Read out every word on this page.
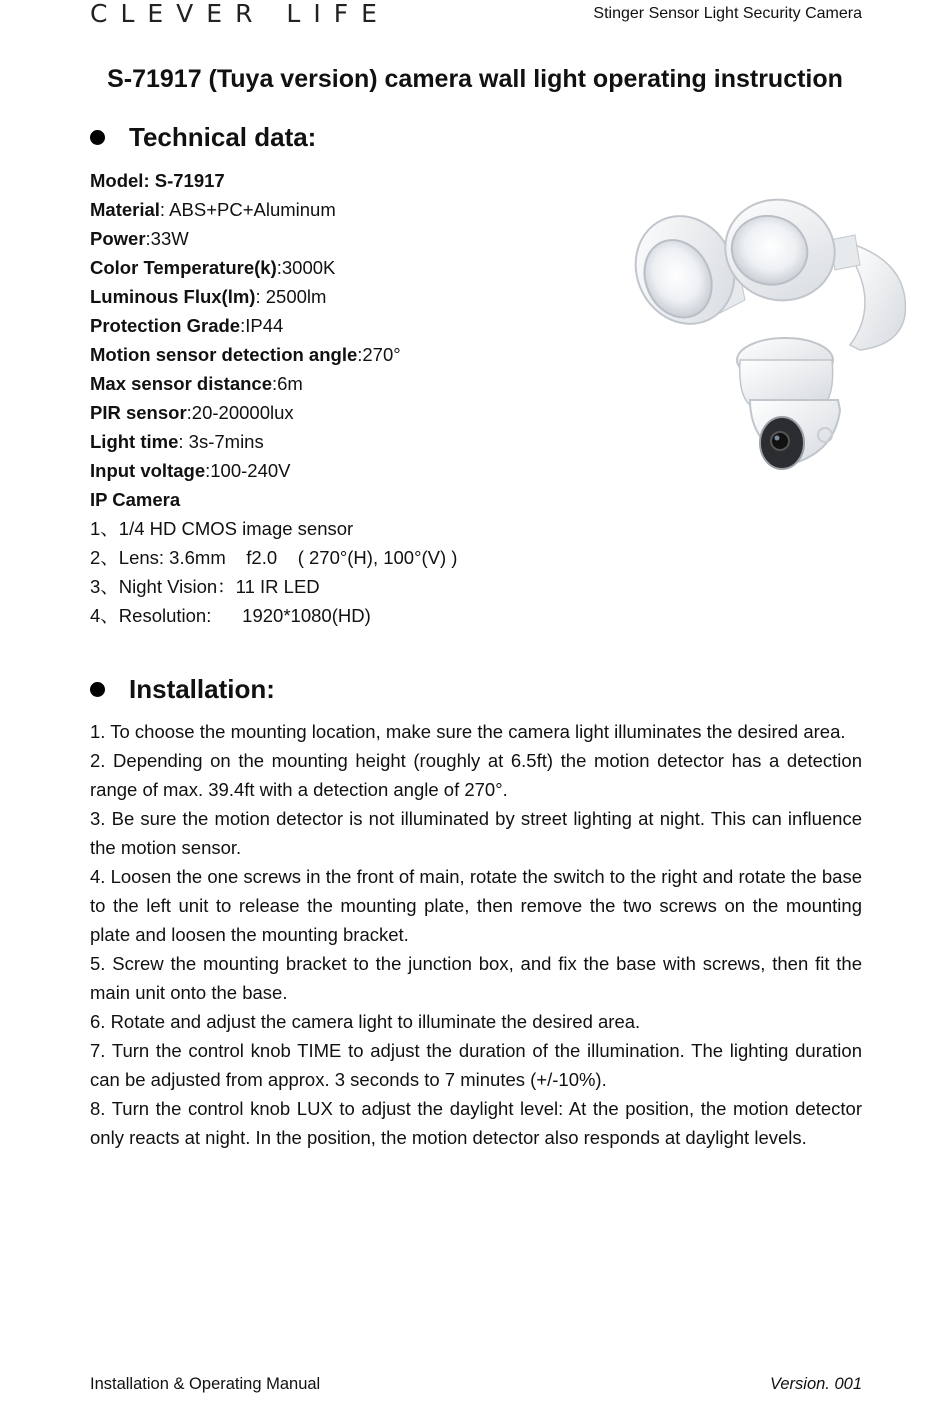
CLEVER LIFE	Stinger Sensor Light Security Camera
S-71917 (Tuya version) camera wall light operating instruction
Technical data:
Model: S-71917
Material: ABS+PC+Aluminum
Power:33W
Color Temperature(k):3000K
Luminous Flux(lm): 2500lm
Protection Grade:IP44
Motion sensor detection angle:270°
Max sensor distance:6m
PIR sensor:20-20000lux
Light time: 3s-7mins
Input voltage:100-240V
IP Camera
1、1/4 HD CMOS image sensor
2、Lens: 3.6mm    f2.0    ( 270°(H), 100°(V) )
3、Night Vision：11 IR LED
4、Resolution:      1920*1080(HD)
Installation:

1. To choose the mounting location, make sure the camera light illuminates the desired area.

2. Depending on the mounting height (roughly at 6.5ft) the motion detector has a detection range of max. 39.4ft with a detection angle of 270°.

3. Be sure the motion detector is not illuminated by street lighting at night. This can influence the motion sensor.

4. Loosen the one screws in the front of main, rotate the switch to the right and rotate the base to the left unit to release the mounting plate, then remove the two screws on the mounting plate and loosen the mounting bracket.

5. Screw the mounting bracket to the junction box, and fix the base with screws, then fit the main unit onto the base.

6. Rotate and adjust the camera light to illuminate the desired area.

7. Turn the control knob TIME to adjust the duration of the illumination. The lighting duration can be adjusted from approx. 3 seconds to 7 minutes (+/-10%).

8. Turn the control knob LUX to adjust the daylight level: At the position, the motion detector only reacts at night. In the position, the motion detector also responds at daylight levels.

Installation & Operating Manual	Version. 001
